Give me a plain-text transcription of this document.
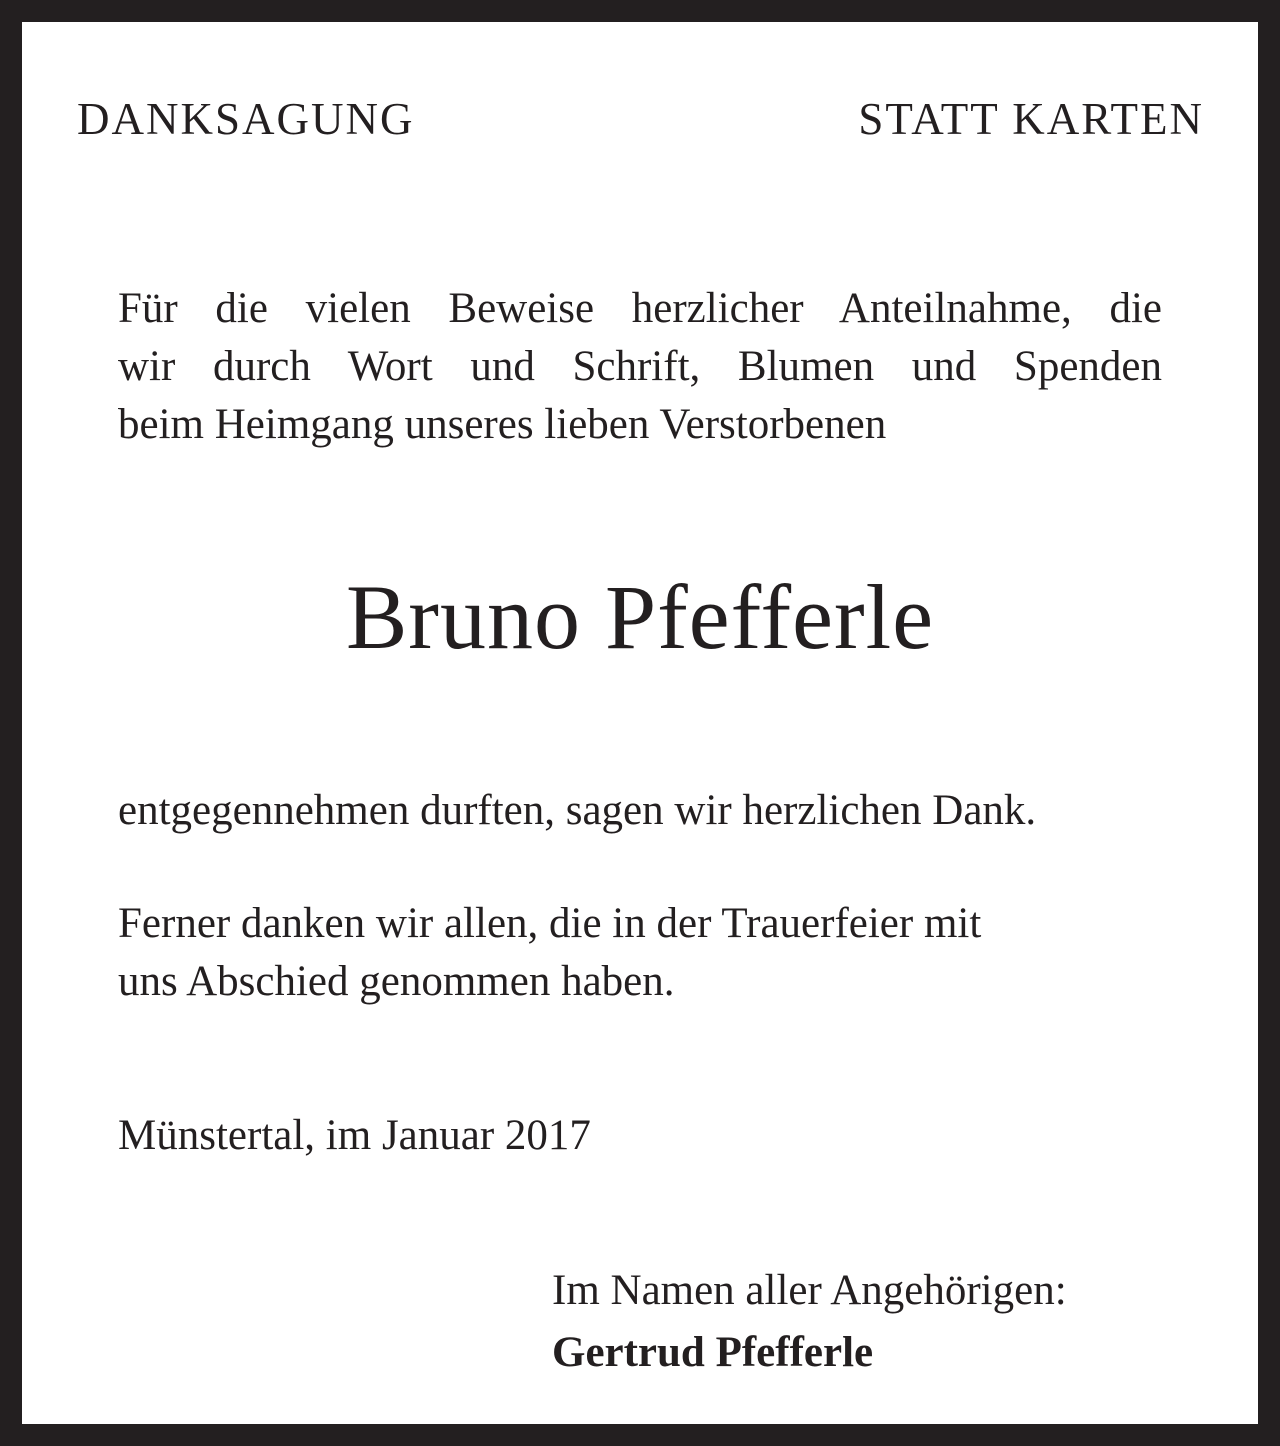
DANKSAGUNG	STATT KARTEN
Für die vielen Beweise herzlicher Anteilnahme, die
wir durch Wort und Schrift, Blumen und Spenden
beim Heimgang unseres lieben Verstorbenen
Bruno Pfefferle
entgegennehmen durften, sagen wir herzlichen Dank.
Ferner danken wir allen, die in der Trauerfeier mit
uns Abschied genommen haben.
Münstertal, im Januar 2017
Im Namen aller Angehörigen:
Gertrud Pfefferle
